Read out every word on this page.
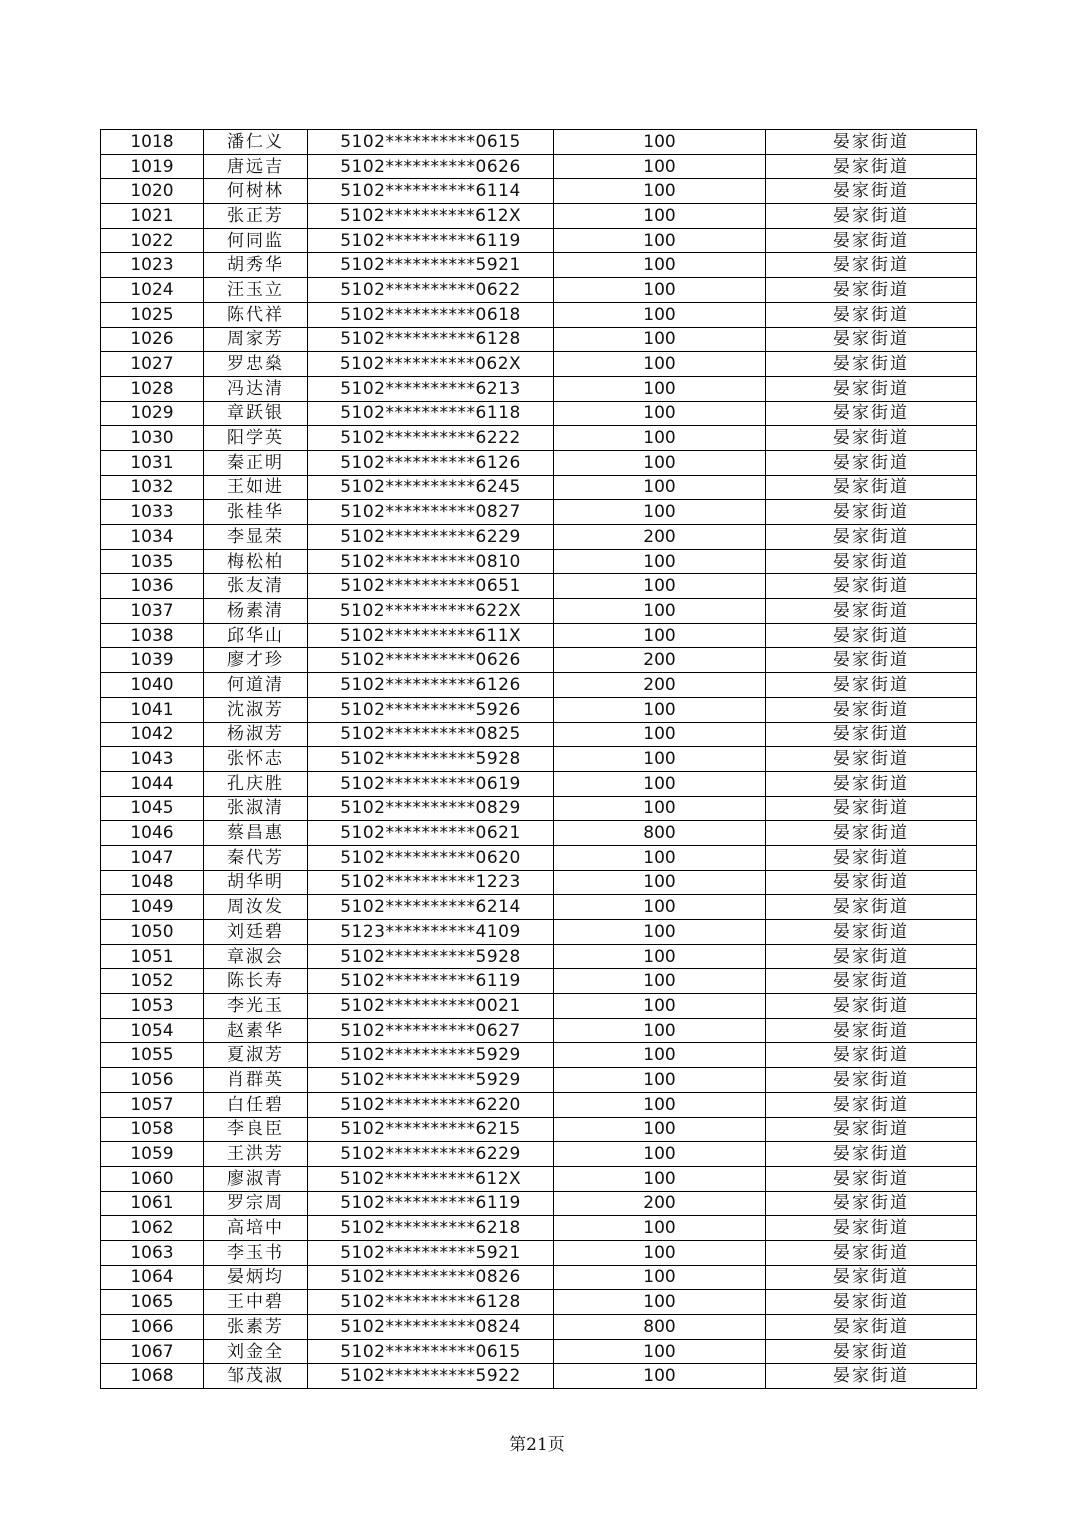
1018	潘仁义	5102**********0615	100	晏家街道
1019	唐远吉	5102**********0626	100	晏家街道
1020	何树林	5102**********6114	100	晏家街道
1021	张正芳	5102**********612X	100	晏家街道
1022	何同监	5102**********6119	100	晏家街道
1023	胡秀华	5102**********5921	100	晏家街道
1024	汪玉立	5102**********0622	100	晏家街道
1025	陈代祥	5102**********0618	100	晏家街道
1026	周家芳	5102**********6128	100	晏家街道
1027	罗忠燊	5102**********062X	100	晏家街道
1028	冯达清	5102**********6213	100	晏家街道
1029	章跃银	5102**********6118	100	晏家街道
1030	阳学英	5102**********6222	100	晏家街道
1031	秦正明	5102**********6126	100	晏家街道
1032	王如进	5102**********6245	100	晏家街道
1033	张桂华	5102**********0827	100	晏家街道
1034	李显荣	5102**********6229	200	晏家街道
1035	梅松柏	5102**********0810	100	晏家街道
1036	张友清	5102**********0651	100	晏家街道
1037	杨素清	5102**********622X	100	晏家街道
1038	邱华山	5102**********611X	100	晏家街道
1039	廖才珍	5102**********0626	200	晏家街道
1040	何道清	5102**********6126	200	晏家街道
1041	沈淑芳	5102**********5926	100	晏家街道
1042	杨淑芳	5102**********0825	100	晏家街道
1043	张怀志	5102**********5928	100	晏家街道
1044	孔庆胜	5102**********0619	100	晏家街道
1045	张淑清	5102**********0829	100	晏家街道
1046	蔡昌惠	5102**********0621	800	晏家街道
1047	秦代芳	5102**********0620	100	晏家街道
1048	胡华明	5102**********1223	100	晏家街道
1049	周汝发	5102**********6214	100	晏家街道
1050	刘廷碧	5123**********4109	100	晏家街道
1051	章淑会	5102**********5928	100	晏家街道
1052	陈长寿	5102**********6119	100	晏家街道
1053	李光玉	5102**********0021	100	晏家街道
1054	赵素华	5102**********0627	100	晏家街道
1055	夏淑芳	5102**********5929	100	晏家街道
1056	肖群英	5102**********5929	100	晏家街道
1057	白任碧	5102**********6220	100	晏家街道
1058	李良臣	5102**********6215	100	晏家街道
1059	王洪芳	5102**********6229	100	晏家街道
1060	廖淑青	5102**********612X	100	晏家街道
1061	罗宗周	5102**********6119	200	晏家街道
1062	高培中	5102**********6218	100	晏家街道
1063	李玉书	5102**********5921	100	晏家街道
1064	晏炳均	5102**********0826	100	晏家街道
1065	王中碧	5102**********6128	100	晏家街道
1066	张素芳	5102**********0824	800	晏家街道
1067	刘金全	5102**********0615	100	晏家街道
1068	邹茂淑	5102**********5922	100	晏家街道
第21页
